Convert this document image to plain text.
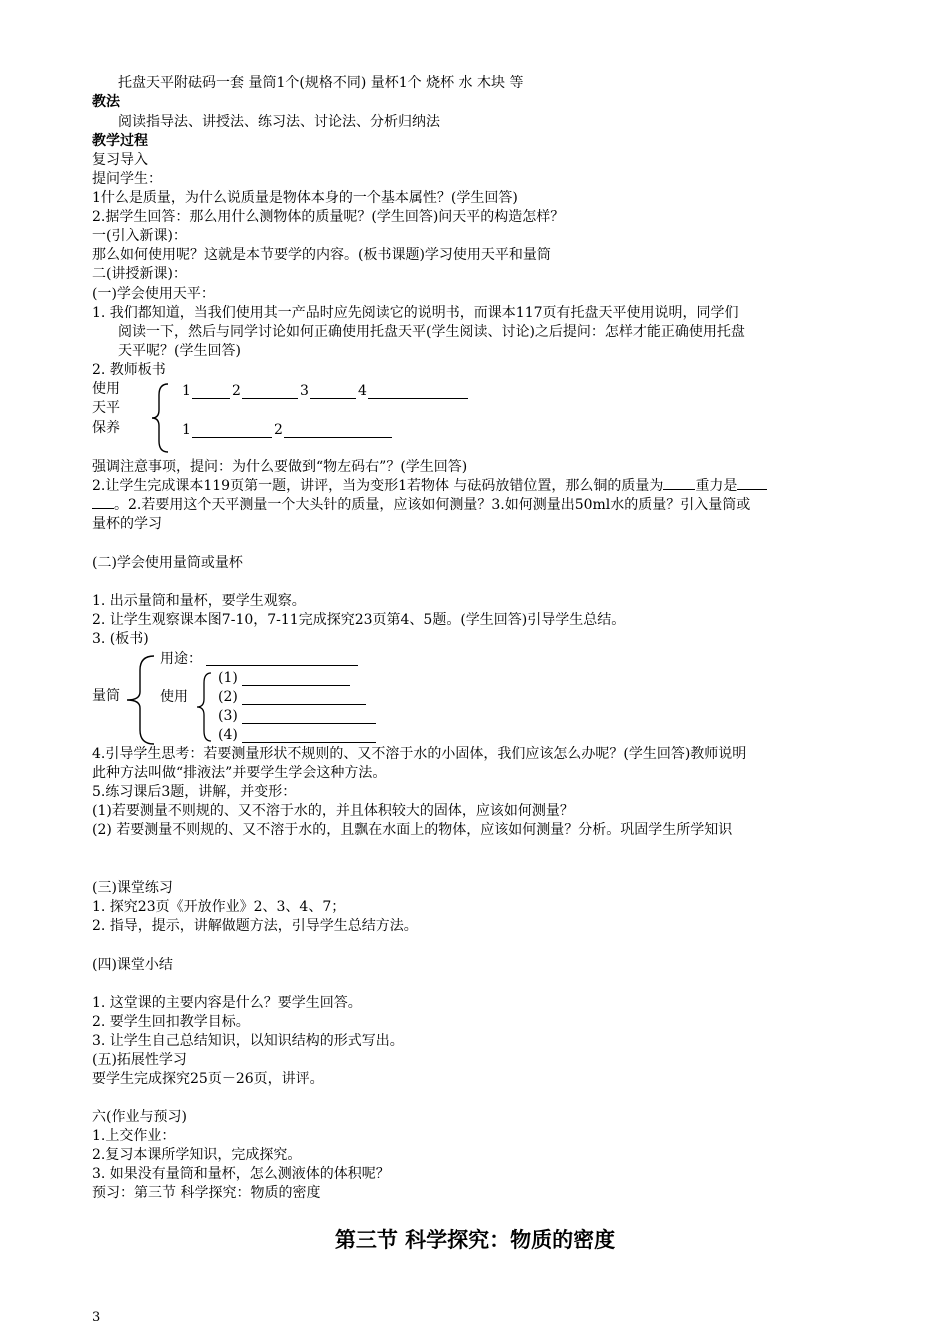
托盘天平附砝码一套 量筒1个(规格不同) 量杯1个 烧杯 水 木块 等
教法
阅读指导法、讲授法、练习法、讨论法、分析归纳法
教学过程
复习导入
提问学生：
1什么是质量，为什么说质量是物体本身的一个基本属性？(学生回答)
2.据学生回答：那么用什么测物体的质量呢？(学生回答)问天平的构造怎样？
一(引入新课)：
那么如何使用呢？这就是本节要学的内容。(板书课题)学习使用天平和量筒
二(讲授新课)：
(一)学会使用天平：
1. 我们都知道，当我们使用其一产品时应先阅读它的说明书，而课本117页有托盘天平使用说明，同学们
阅读一下，然后与同学讨论如何正确使用托盘天平(学生阅读、讨论)之后提问：怎样才能正确使用托盘
天平呢？(学生回答)
2. 教师板书
使用
天平
保养
1	2	3	4
1	2
强调注意事项，提问：为什么要做到“物左码右”？(学生回答)
2.让学生完成课本119页第一题，讲评，当为变形1若物体 与砝码放错位置，那么铜的质量为 重力是
。2.若要用这个天平测量一个大头针的质量，应该如何测量？3.如何测量出50ml水的质量？引入量筒或
量杯的学习
(二)学会使用量筒或量杯
1. 出示量筒和量杯，要学生观察。
2. 让学生观察课本图7-10，7-11完成探究23页第4、5题。(学生回答)引导学生总结。
3. (板书)
量筒
用途：
使用
(1)
(2)
(3)
(4)
4.引导学生思考：若要测量形状不规则的、又不溶于水的小固体，我们应该怎么办呢？(学生回答)教师说明
此种方法叫做“排液法”并要学生学会这种方法。
5.练习课后3题，讲解，并变形：
(1)若要测量不则规的、又不溶于水的，并且体积较大的固体，应该如何测量？
(2) 若要测量不则规的、又不溶于水的，且飘在水面上的物体，应该如何测量？分析。巩固学生所学知识
(三)课堂练习
1. 探究23页《开放作业》2、3、4、7；
2. 指导，提示，讲解做题方法，引导学生总结方法。
(四)课堂小结
1. 这堂课的主要内容是什么？要学生回答。
2. 要学生回扣教学目标。
3. 让学生自己总结知识，以知识结构的形式写出。
(五)拓展性学习
要学生完成探究25页－26页，讲评。
六(作业与预习)
1.上交作业：
2.复习本课所学知识，完成探究。
3. 如果没有量筒和量杯，怎么测液体的体积呢？
预习：第三节 科学探究：物质的密度
第三节 科学探究：物质的密度
3
